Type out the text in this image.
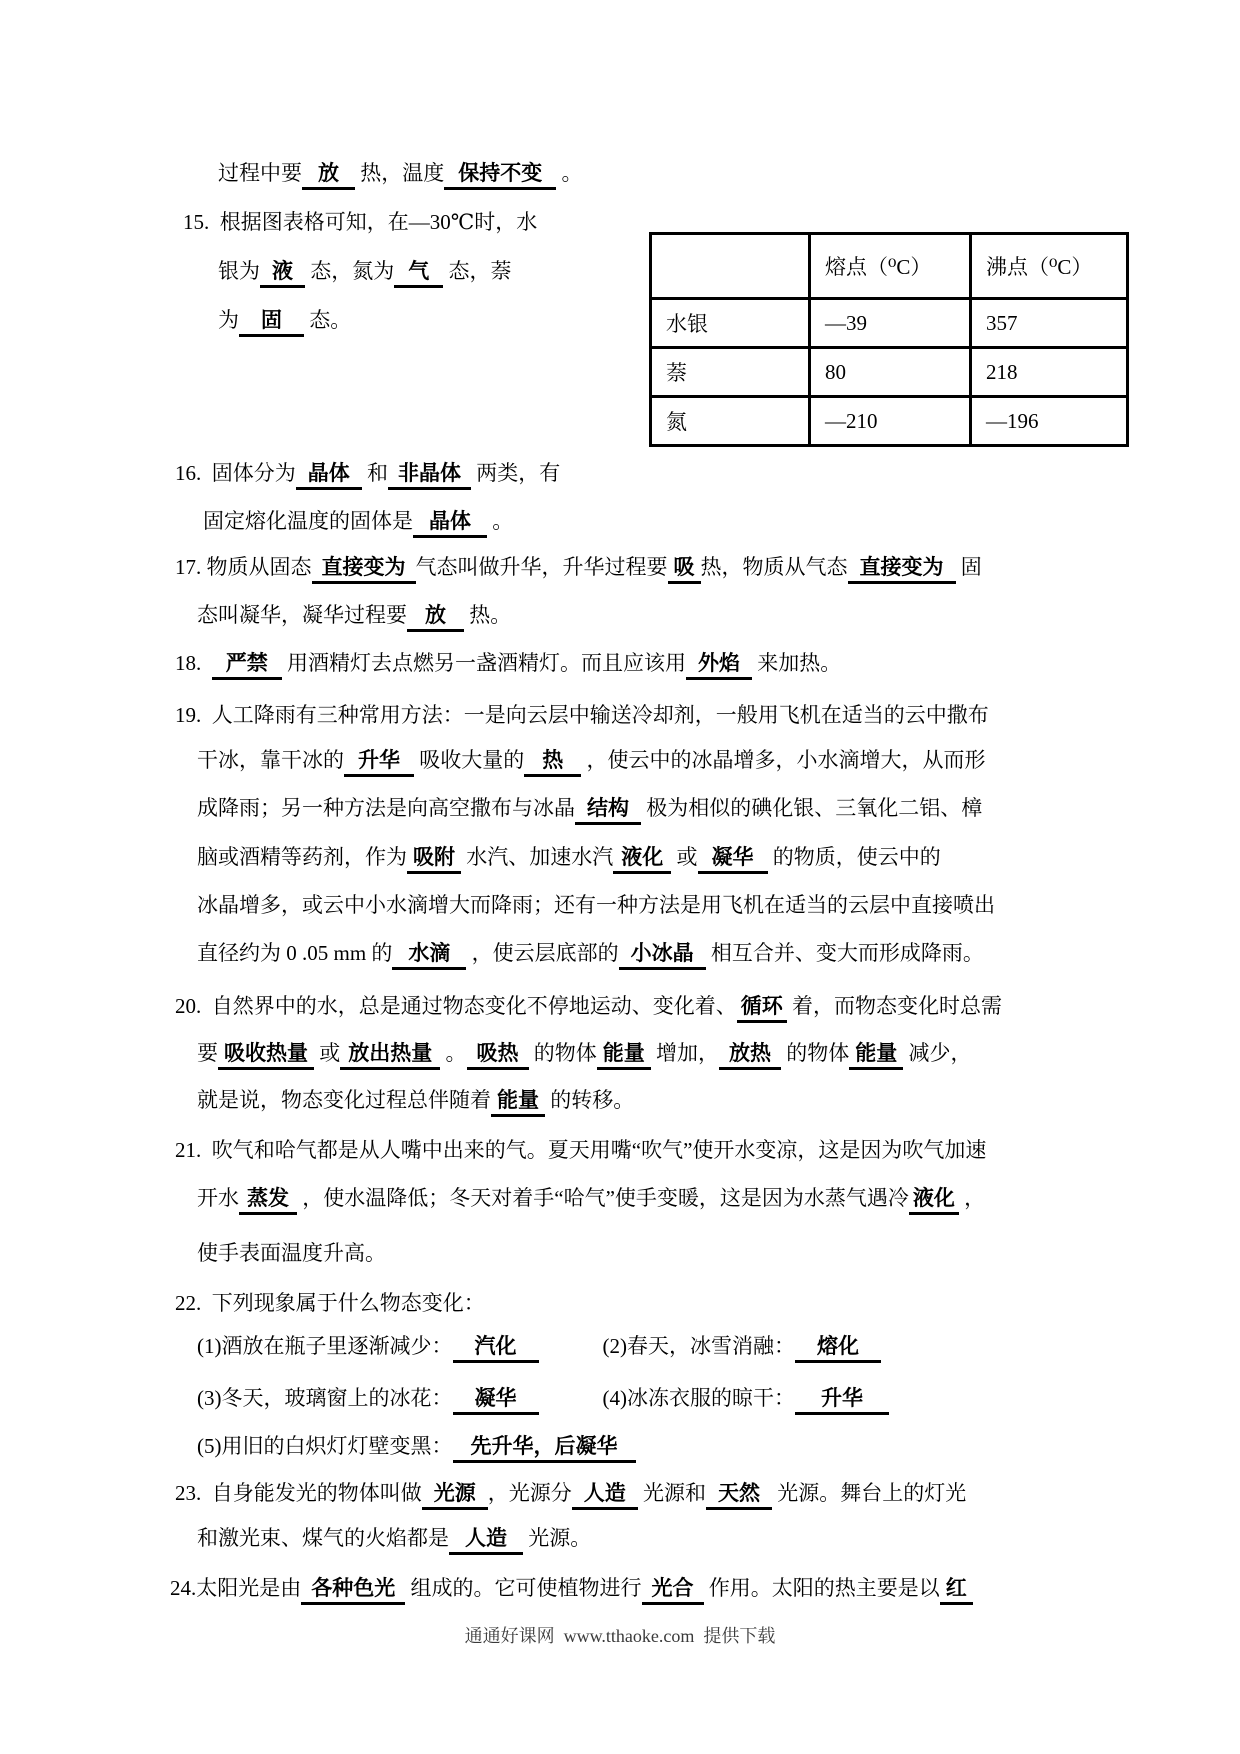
	熔点（⁰C）	沸点（⁰C）
水银	—39	357
萘	80	218
氮	—210	—196
通通好课网  www.tthaoke.com  提供下载
过程中要 放 热，温度 保持不变 。
15.  根据图表格可知，在—30℃时，水
银为 液 态，氮为 气 态，萘
为 固 态。
16.  固体分为 晶体 和 非晶体 两类，有
固定熔化温度的固体是 晶体 。
17. 物质从固态 直接变为 气态叫做升华，升华过程要 吸 热，物质从气态 直接变为 固
态叫凝华，凝华过程要 放 热。
18.  严禁 用酒精灯去点燃另一盏酒精灯。而且应该用 外焰 来加热。
19.  人工降雨有三种常用方法：一是向云层中输送冷却剂，一般用飞机在适当的云中撒布
干冰，靠干冰的 升华 吸收大量的 热 ，使云中的冰晶增多，小水滴增大，从而形
成降雨；另一种方法是向高空撒布与冰晶 结构 极为相似的碘化银、三氧化二铝、樟
脑或酒精等药剂，作为 吸附 水汽、加速水汽 液化 或 凝华 的物质，使云中的
冰晶增多，或云中小水滴增大而降雨；还有一种方法是用飞机在适当的云层中直接喷出
直径约为 0 .05 mm 的 水滴 ，使云层底部的 小冰晶 相互合并、变大而形成降雨。
20.  自然界中的水，总是通过物态变化不停地运动、变化着、 循环 着，而物态变化时总需
要 吸收热量 或 放出热量 。 吸热 的物体 能量 增加， 放热 的物体 能量 减少，
就是说，物态变化过程总伴随着 能量 的转移。
21.  吹气和哈气都是从人嘴中出来的气。夏天用嘴“吹气”使开水变凉，这是因为吹气加速
开水 蒸发 ，使水温降低；冬天对着手“哈气”使手变暖，这是因为水蒸气遇冷 液化 ，
使手表面温度升高。
22.  下列现象属于什么物态变化：
(1)酒放在瓶子里逐渐减少： 汽化	(2)春天，冰雪消融： 熔化
(3)冬天，玻璃窗上的冰花： 凝华	(4)冰冻衣服的晾干： 升华
(5)用旧的白炽灯灯壁变黑： 先升华，后凝华
23.  自身能发光的物体叫做 光源 ，光源分 人造 光源和 天然 光源。舞台上的灯光
和激光束、煤气的火焰都是 人造 光源。
24.太阳光是由 各种色光 组成的。它可使植物进行 光合 作用。太阳的热主要是以 红
